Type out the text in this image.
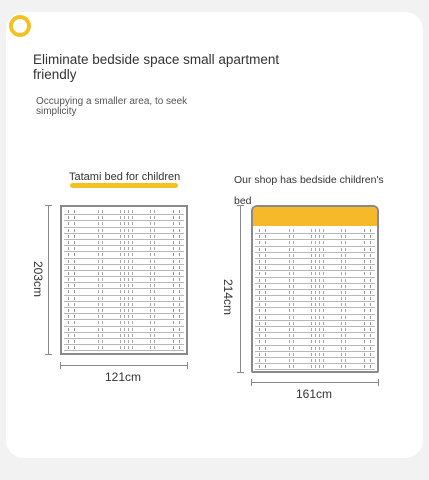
Eliminate bedside space small apartment friendly
Occupying a smaller area, to seek simplicity
Tatami bed for children
203cm
121cm
Our shop has bedside children's bed
214cm
161cm
